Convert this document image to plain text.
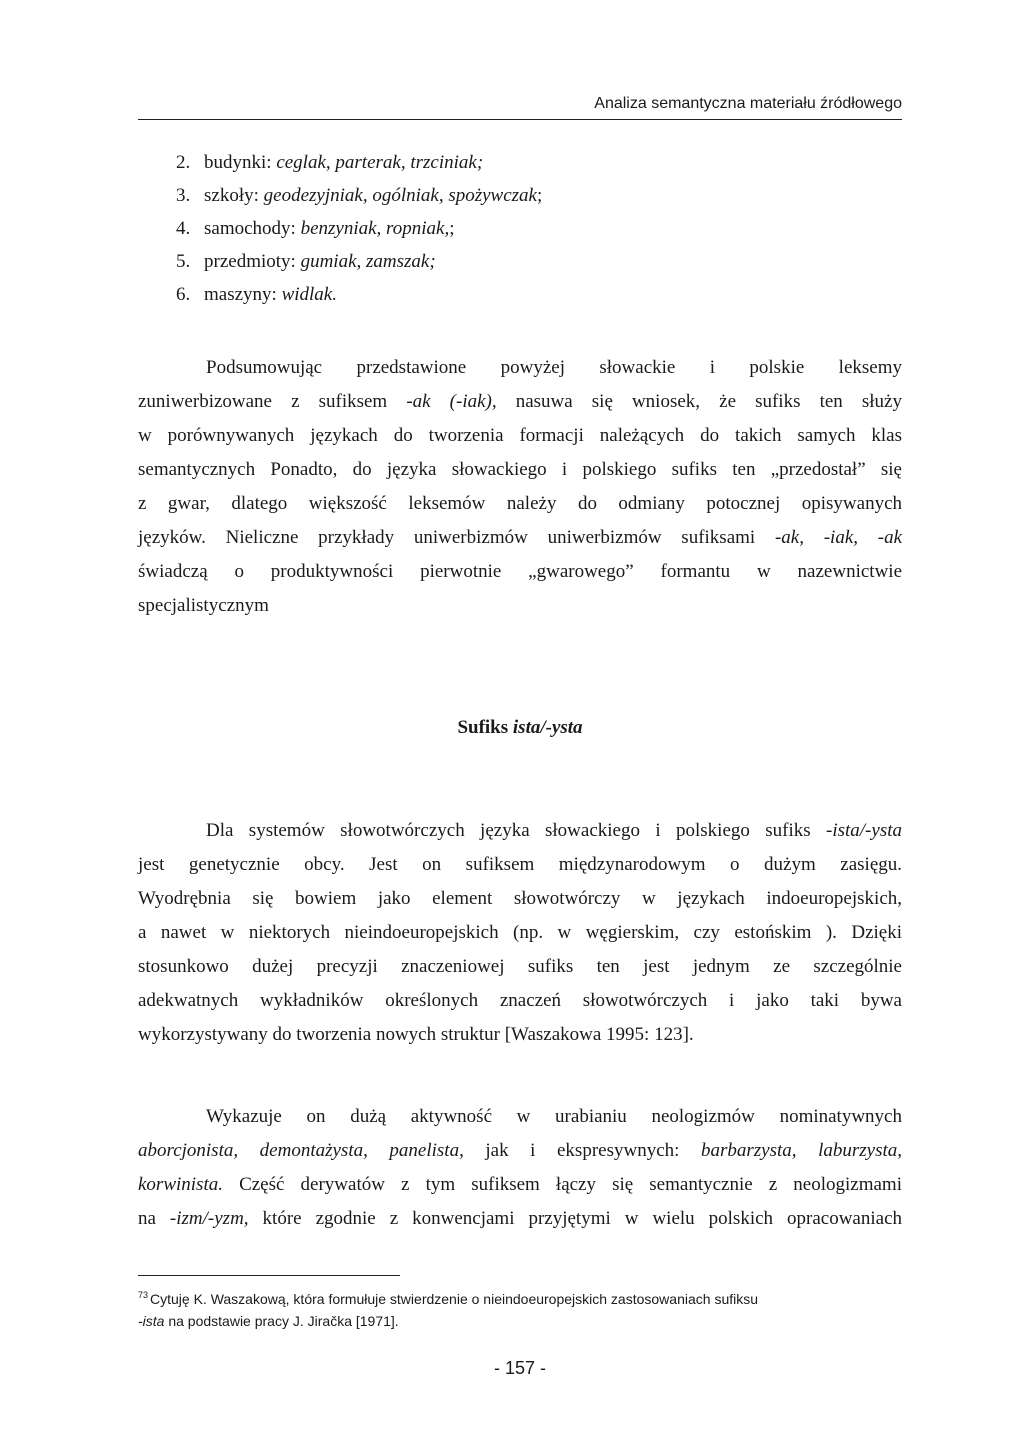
Analiza semantyczna materiału źródłowego
2. budynki: ceglak, parterak, trzciniak;
3. szkoły: geodezyjniak, ogólniak, spożywczak;
4. samochody: benzyniak, ropniak,;
5. przedmioty: gumiak, zamszak;
6. maszyny: widlak.
Podsumowując przedstawione powyżej słowackie i polskie leksemy
zuniwerbizowane z sufiksem -ak (-iak), nasuwa się wniosek, że sufiks ten służy
w porównywanych językach do tworzenia formacji należących do takich samych klas
semantycznych Ponadto, do języka słowackiego i polskiego sufiks ten „przedostał” się
z gwar, dlatego większość leksemów należy do odmiany potocznej opisywanych
języków. Nieliczne przykłady uniwerbizmów uniwerbizmów sufiksami -ak, -iak, -ak
świadczą o produktywności pierwotnie „gwarowego” formantu w nazewnictwie
specjalistycznym
Sufiks ista/-ysta
Dla systemów słowotwórczych języka słowackiego i polskiego sufiks -ista/-ysta
jest genetycznie obcy. Jest on sufiksem międzynarodowym o dużym zasięgu.
Wyodrębnia się bowiem jako element słowotwórczy w językach indoeuropejskich,
a nawet w niektorych nieindoeuropejskich (np. w węgierskim, czy estońskim ). Dzięki
stosunkowo dużej precyzji znaczeniowej sufiks ten jest jednym ze szczególnie
adekwatnych wykładników określonych znaczeń słowotwórczych i jako taki bywa
wykorzystywany do tworzenia nowych struktur [Waszakowa 1995: 123].
Wykazuje on dużą aktywność w urabianiu neologizmów nominatywnych
aborcjonista, demontażysta, panelista, jak i ekspresywnych: barbarzysta, laburzysta,
korwinista. Część derywatów z tym sufiksem łączy się semantycznie z neologizmami
na -izm/-yzm, które zgodnie z konwencjami przyjętymi w wielu polskich opracowaniach
$^{73}$ Cytuję K. Waszakową, która formułuje stwierdzenie o nieindoeuropejskich zastosowaniach sufiksu
-ista na podstawie pracy J. Jiračka [1971].
- 157 -
